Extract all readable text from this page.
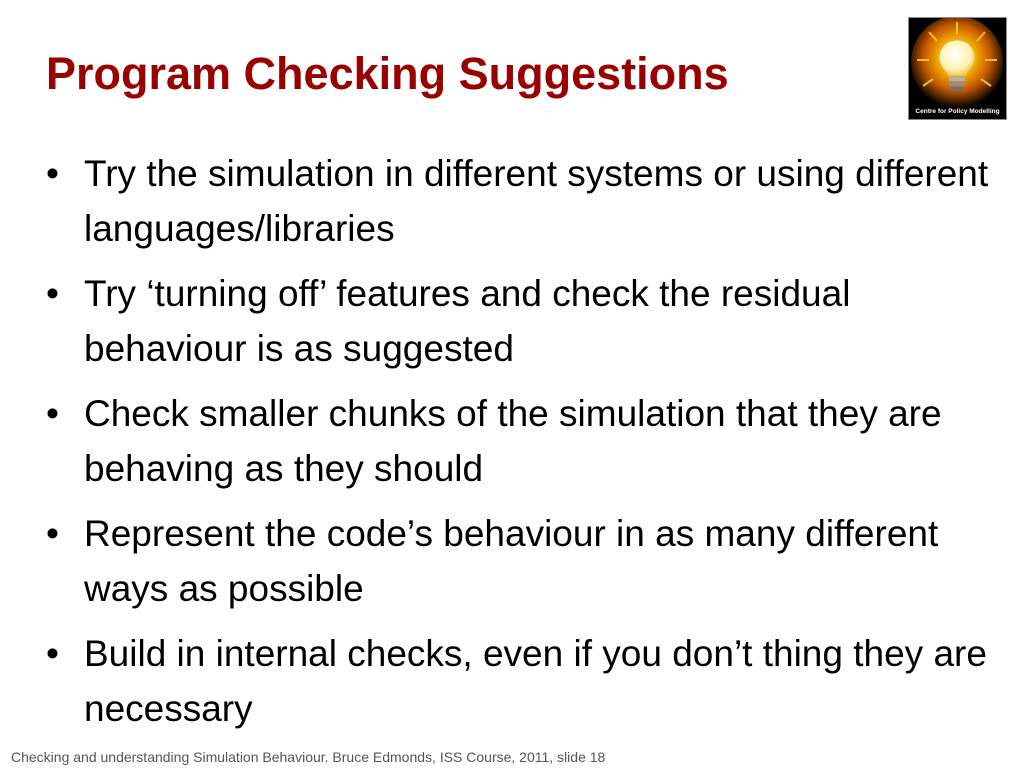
Program Checking Suggestions
Centre for Policy Modelling
• Try the simulation in different systems or using different languages/libraries
• Try ‘turning off’ features and check the residual behaviour is as suggested
• Check smaller chunks of the simulation that they are behaving as they should
• Represent the code’s behaviour in as many different ways as possible
• Build in internal checks, even if you don’t thing they are necessary
Checking and understanding Simulation Behaviour. Bruce Edmonds, ISS Course, 2011, slide 18
